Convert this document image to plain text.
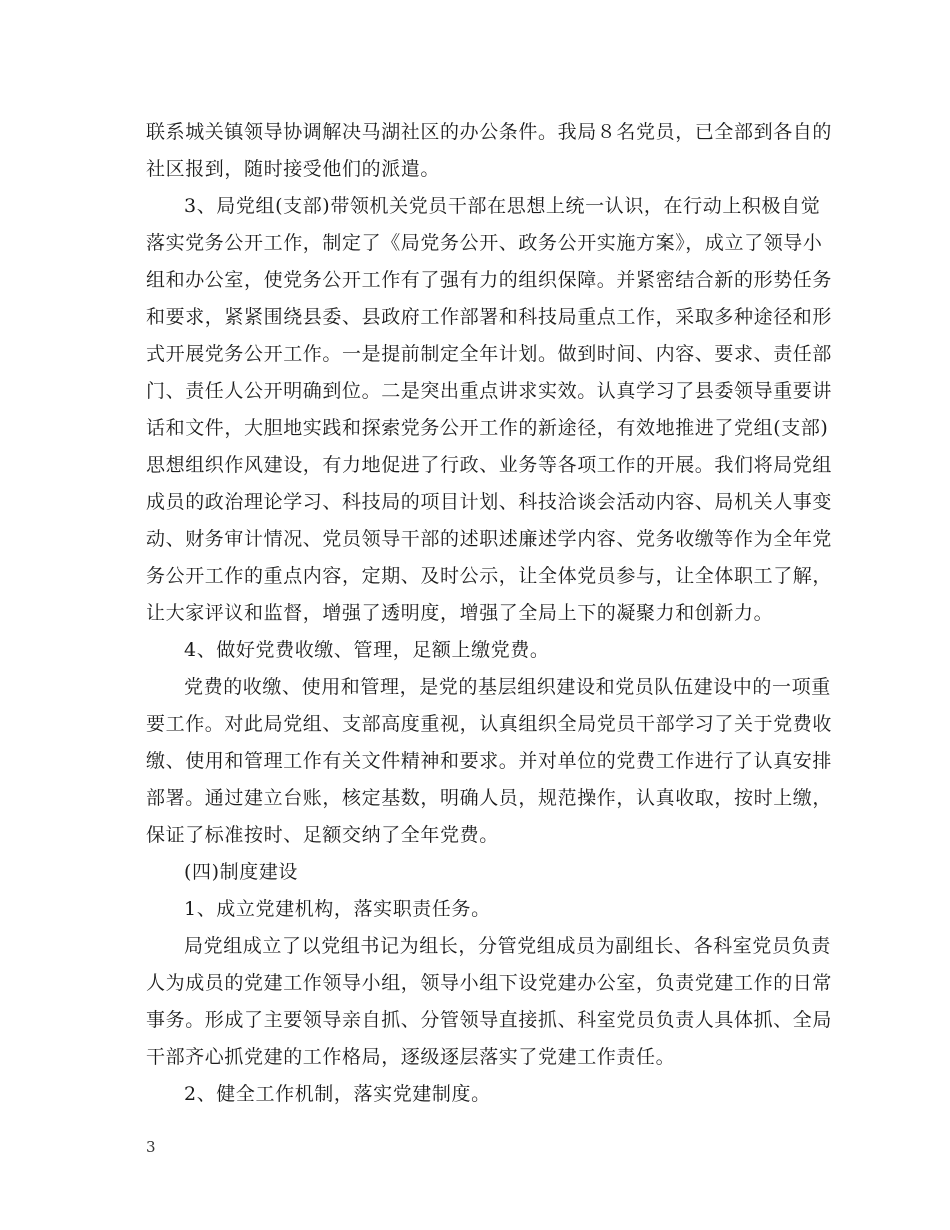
联系城关镇领导协调解决马湖社区的办公条件。我局８名党员，已全部到各自的
社区报到，随时接受他们的派遣。
3、局党组(支部)带领机关党员干部在思想上统一认识，在行动上积极自觉
落实党务公开工作，制定了《局党务公开、政务公开实施方案》，成立了领导小
组和办公室，使党务公开工作有了强有力的组织保障。并紧密结合新的形势任务
和要求，紧紧围绕县委、县政府工作部署和科技局重点工作，采取多种途径和形
式开展党务公开工作。一是提前制定全年计划。做到时间、内容、要求、责任部
门、责任人公开明确到位。二是突出重点讲求实效。认真学习了县委领导重要讲
话和文件，大胆地实践和探索党务公开工作的新途径，有效地推进了党组(支部)
思想组织作风建设，有力地促进了行政、业务等各项工作的开展。我们将局党组
成员的政治理论学习、科技局的项目计划、科技洽谈会活动内容、局机关人事变
动、财务审计情况、党员领导干部的述职述廉述学内容、党务收缴等作为全年党
务公开工作的重点内容，定期、及时公示，让全体党员参与，让全体职工了解，
让大家评议和监督，增强了透明度，增强了全局上下的凝聚力和创新力。
4、做好党费收缴、管理，足额上缴党费。
党费的收缴、使用和管理，是党的基层组织建设和党员队伍建设中的一项重
要工作。对此局党组、支部高度重视，认真组织全局党员干部学习了关于党费收
缴、使用和管理工作有关文件精神和要求。并对单位的党费工作进行了认真安排
部署。通过建立台账，核定基数，明确人员，规范操作，认真收取，按时上缴，
保证了标准按时、足额交纳了全年党费。
(四)制度建设
1、成立党建机构，落实职责任务。
局党组成立了以党组书记为组长，分管党组成员为副组长、各科室党员负责
人为成员的党建工作领导小组，领导小组下设党建办公室，负责党建工作的日常
事务。形成了主要领导亲自抓、分管领导直接抓、科室党员负责人具体抓、全局
干部齐心抓党建的工作格局，逐级逐层落实了党建工作责任。
2、健全工作机制，落实党建制度。
3
